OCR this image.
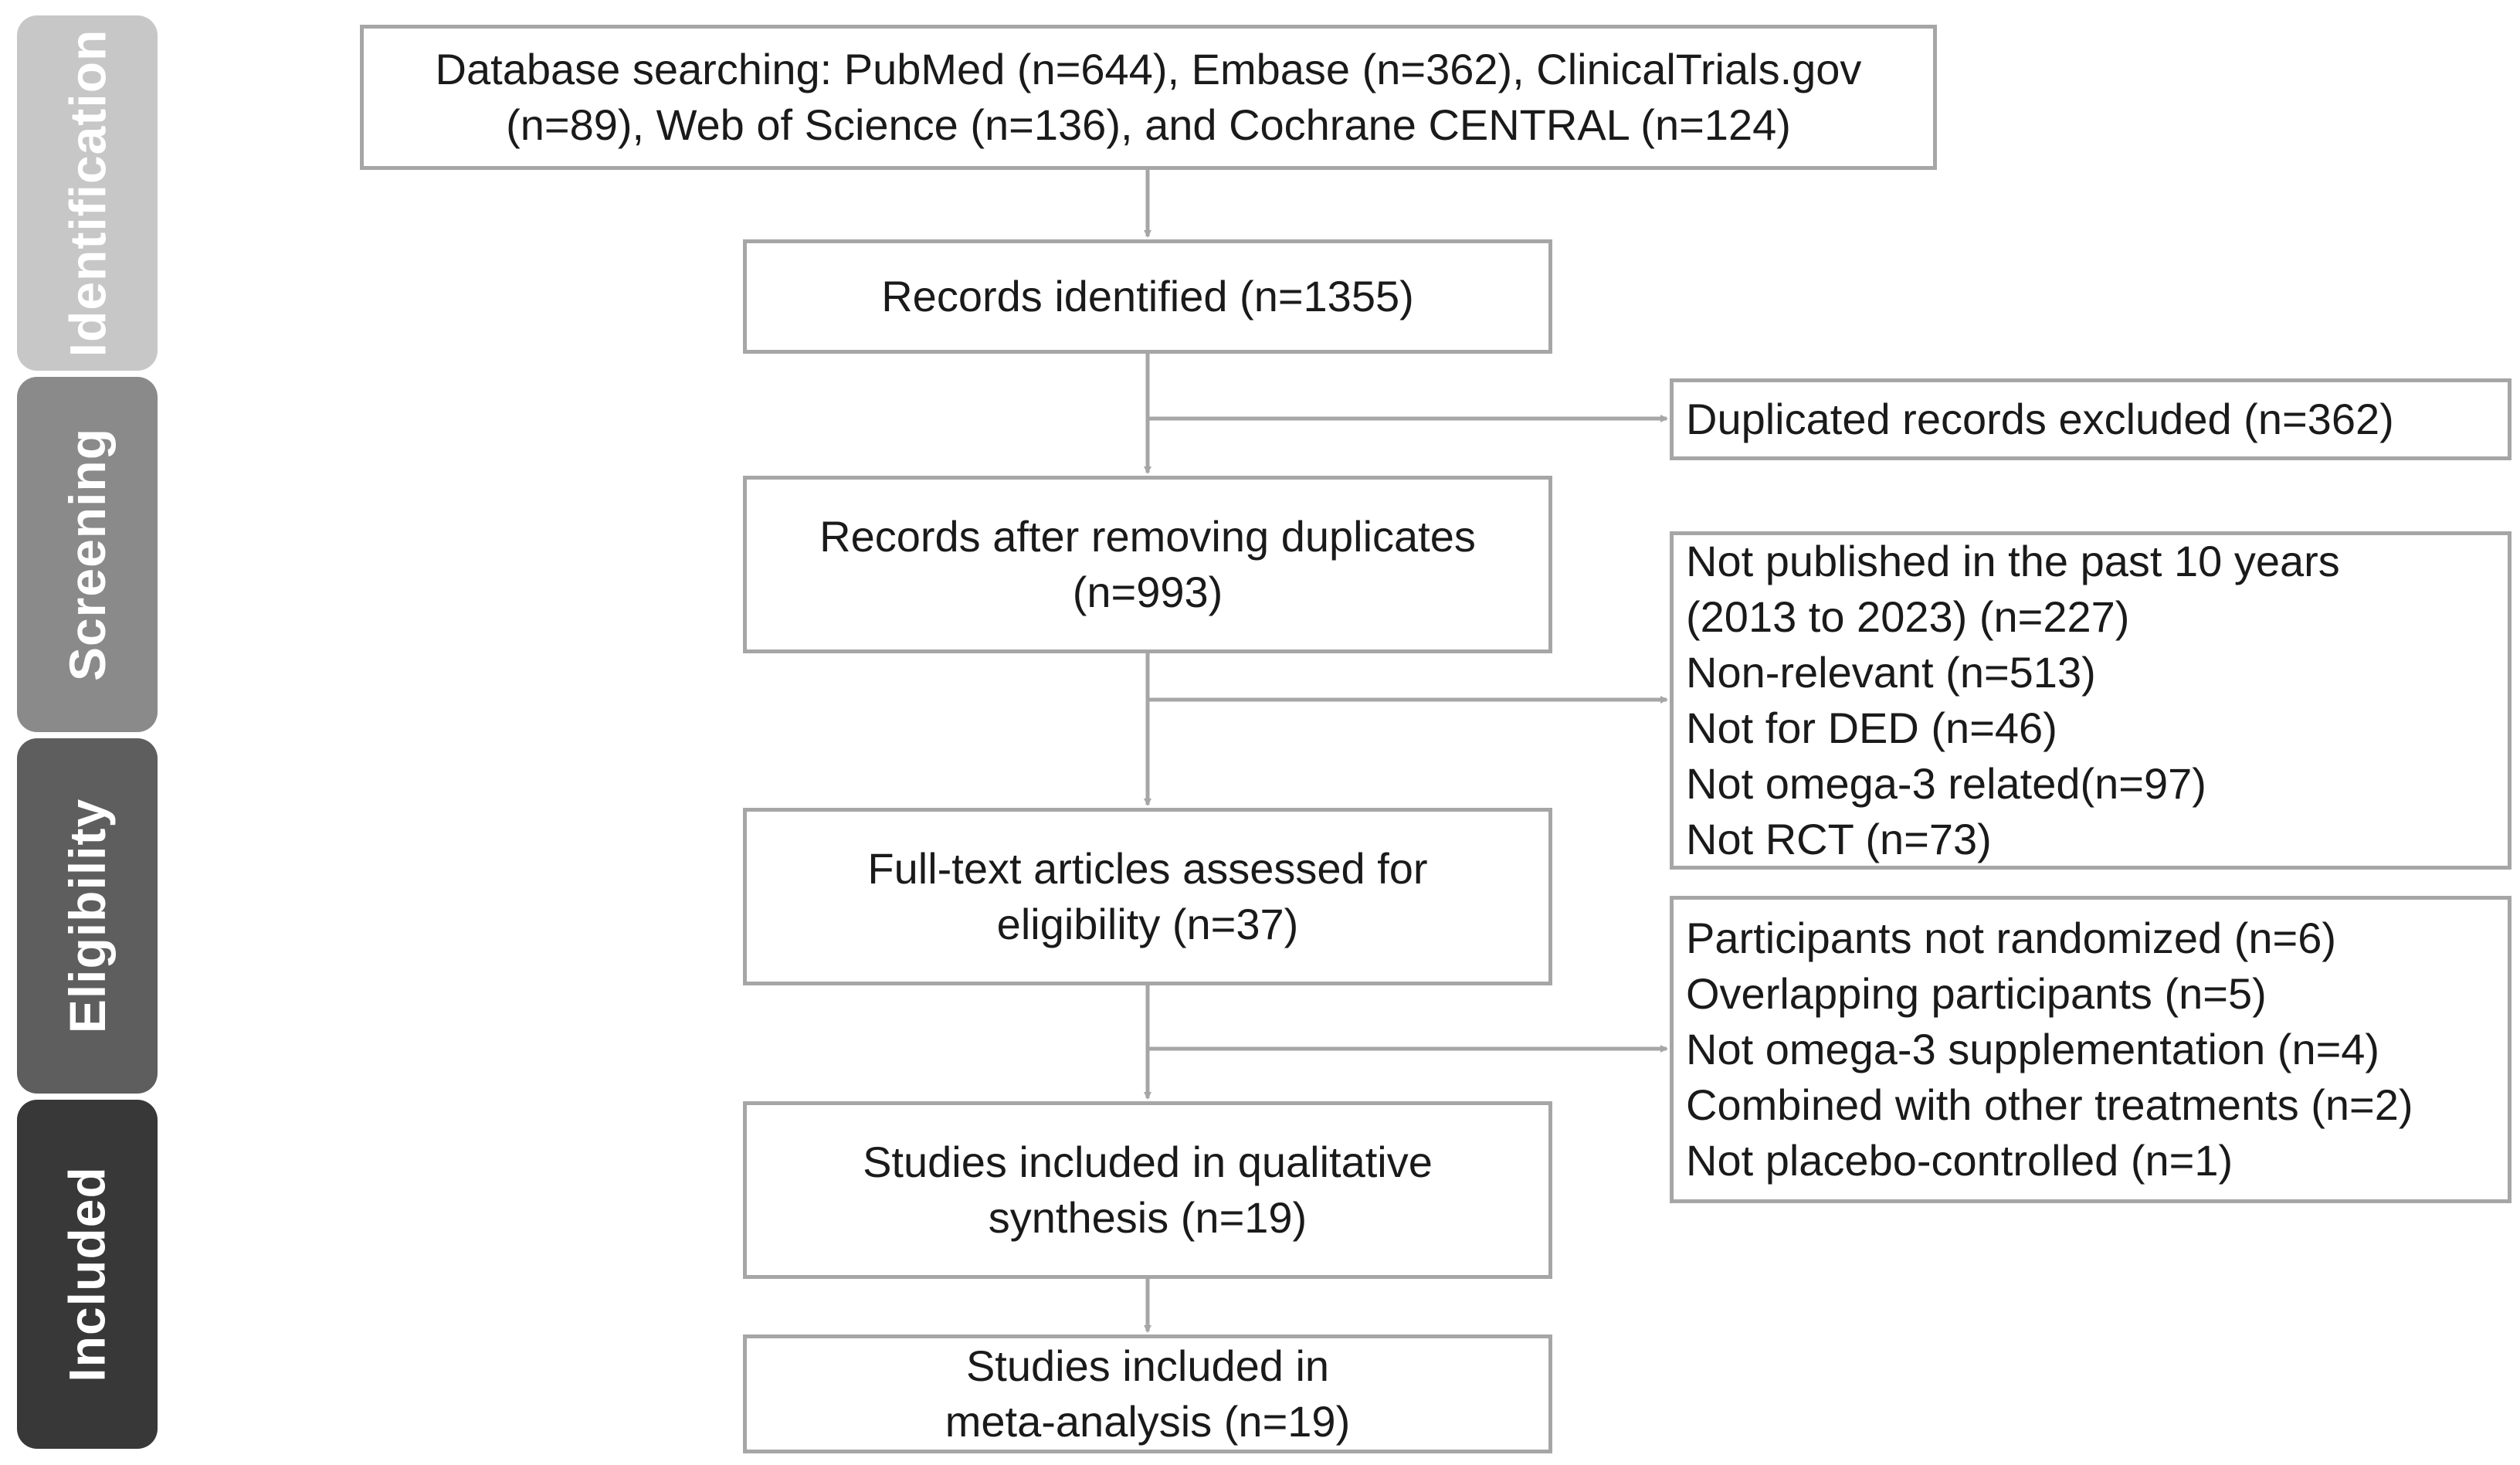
Identification
Screening
Eligibility
Included
Database searching: PubMed (n=644), Embase (n=362), ClinicalTrials.gov
(n=89), Web of Science (n=136), and Cochrane CENTRAL (n=124)
Records identified (n=1355)
Records after removing duplicates
(n=993)
Full-text articles assessed for
eligibility (n=37)
Studies included in qualitative
synthesis (n=19)
Studies included in
meta-analysis (n=19)
Duplicated records excluded (n=362)
Not published in the past 10 years
(2013 to 2023) (n=227)
Non-relevant (n=513)
Not for DED (n=46)
Not omega-3 related(n=97)
Not RCT (n=73)
Participants not randomized (n=6)
Overlapping participants (n=5)
Not omega-3 supplementation (n=4)
Combined with other treatments (n=2)
Not placebo-controlled (n=1)
